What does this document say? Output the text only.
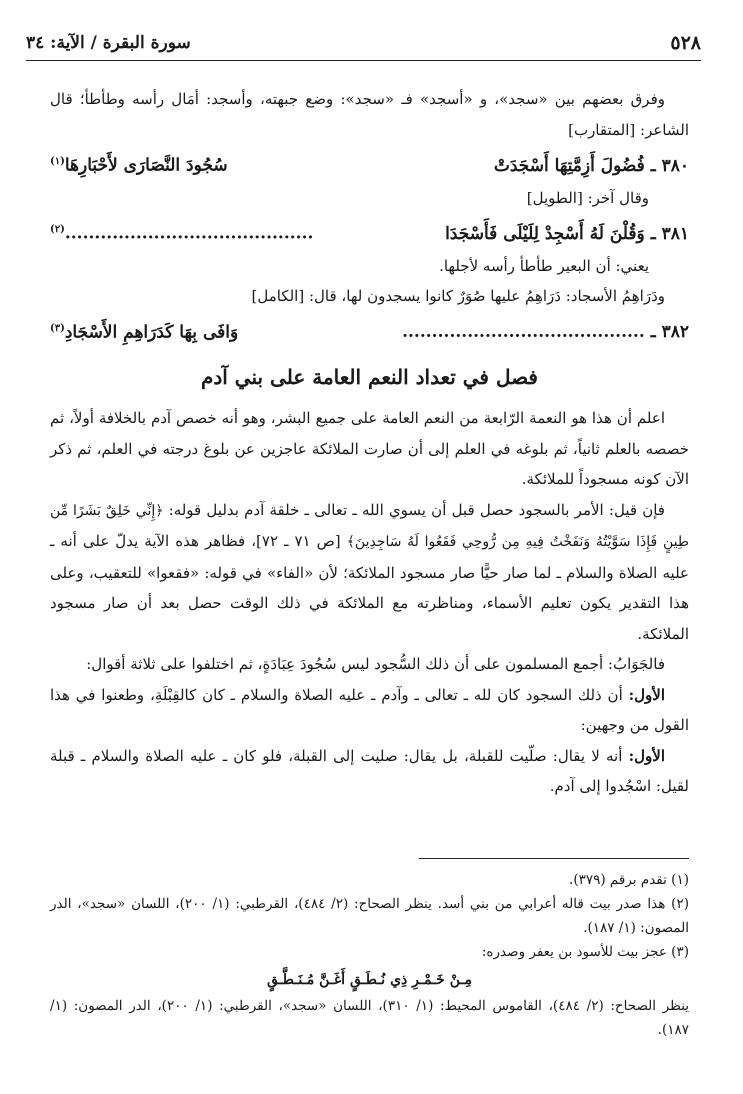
٥٢٨
سورة البقرة / الآية: ٣٤

وفرق بعضهم بين «سجد»، و «أسجد» فـ «سجد»: وضع جبهته، وأسجد: أمَال رأسه وطأطأ؛ قال الشاعر: [المتقارب]

٣٨٠ ـ فُضُولَ أَزِمَّتِهَا أَسْجَدَتْ
سُجُودَ النَّصَارَى لأَحْبَارِهَا$^{(١)}$

وقال آخر: [الطويل]

٣٨١ ـ وَقُلْنَ لَهُ أَسْجِدْ لِلَيْلَى فَأَسْجَدَا
..........................................$^{(٢)}$

يعني: أن البعير طأطأ رأسه لأجلها.

ودَرَاهِمُ الأسجاد: دَرَاهِمُ عليها صُوَرٌ كانوا يسجدون لها، قال: [الكامل]

٣٨٢ ـ .........................................
وَافَى بِهَا كَدَرَاهِمِ الأَسْجَادِ$^{(٣)}$
فصل في تعداد النعم العامة على بني آدم

اعلم أن هذا هو النعمة الرّابعة من النعم العامة على جميع البشر، وهو أنه خصص آدم بالخلافة أولاً، ثم خصصه بالعلم ثانياً، ثم بلوغه في العلم إلى أن صارت الملائكة عاجزين عن بلوغ درجته في العلم، ثم ذكر الآن كونه مسجوداً للملائكة.

فإن قيل: الأمر بالسجود حصل قبل أن يسوي الله ـ تعالى ـ خلقة آدم بدليل قوله: ﴿إِنِّي خَلِقٌ بَشَرًا مِّن طِينٍ فَإِذَا سَوَّيْتُهُ وَنَفَخْتُ فِيهِ مِن رُّوحِي فَقَعُوا لَهُ سَاجِدِينَ﴾ [ص ٧١ ـ ٧٢]، فظاهر هذه الآية يدلّ على أنه ـ عليه الصلاة والسلام ـ لما صار حيًّا صار مسجود الملائكة؛ لأن «الفاء» في قوله: «فقعوا» للتعقيب، وعلى هذا التقدير يكون تعليم الأسماء، ومناظرته مع الملائكة في ذلك الوقت حصل بعد أن صار مسجود الملائكة.

فالجَوَابُ: أجمع المسلمون على أن ذلك السُّجود ليس سُجُودَ عِبَادَةٍ، ثم اختلفوا على ثلاثة أقوال:

الأول: أن ذلك السجود كان لله ـ تعالى ـ وآدم ـ عليه الصلاة والسلام ـ كان كالقِبْلَةِ، وطعنوا في هذا القول من وجهين:

الأول: أنه لا يقال: صلّيت للقبلة، بل يقال: صليت إلى القبلة، فلو كان ـ عليه الصلاة والسلام ـ قبلة لقيل: اسْجُدوا إلى آدم.

(١) تقدم برقم (٣٧٩).

(٢) هذا صدر بيت قاله أعرابي من بني أسد. ينظر الصحاح: (٢/ ٤٨٤)، القرطبي: (١/ ٢٠٠)، اللسان «سجد»، الدر المصون: (١/ ١٨٧).

(٣) عجز بيت للأسود بن يعفر وصدره:

مِـنْ خَـمْـرِ ذِي نُـطَـقٍ أَغَـنَّ مُـنَـطَّـقٍ

ينظر الصحاح: (٢/ ٤٨٤)، القاموس المحيط: (١/ ٣١٠)، اللسان «سجد»، القرطبي: (١/ ٢٠٠)، الدر المصون: (١/ ١٨٧).
